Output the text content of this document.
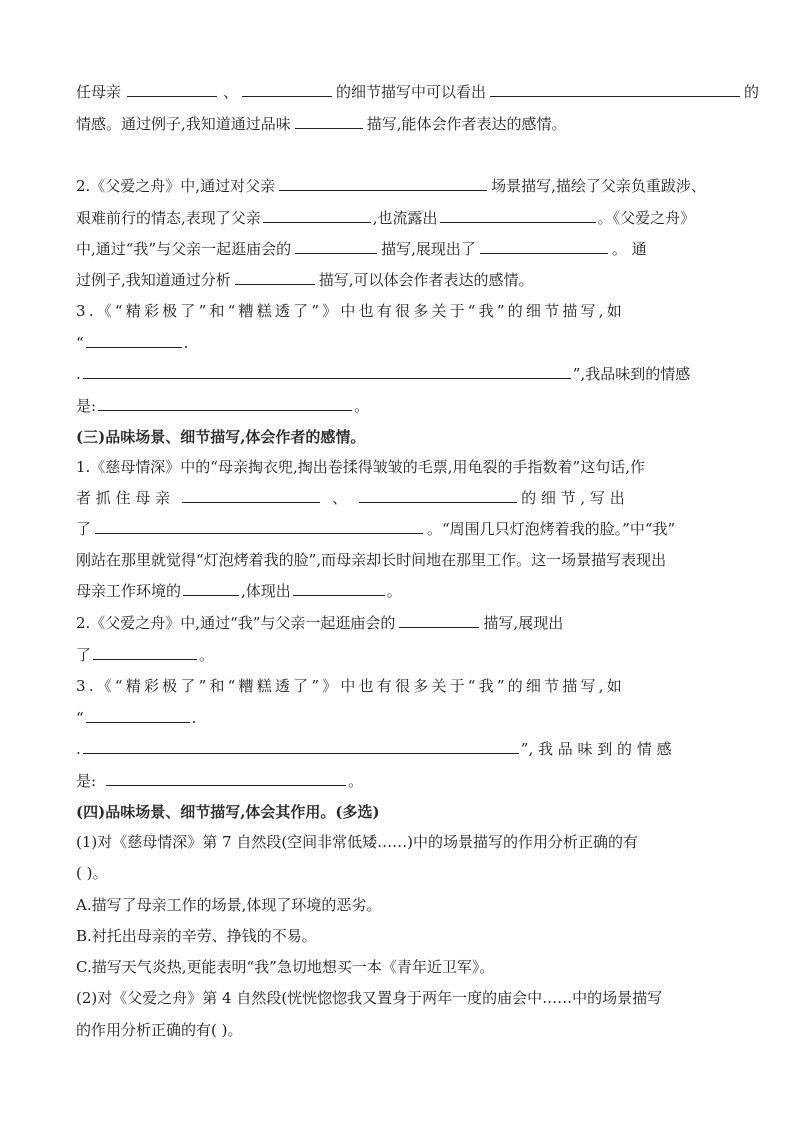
任母亲	、	的细节描写中可以看出	的
情感。通过例子,我知道通过品味	描写,能体会作者表达的感情。
2.《父爱之舟》中,通过对父亲	场景描写,描绘了父亲负重跋涉、
艰难前行的情态,表现了父亲	,也流露出	。《父爱之舟》
中,通过“我”与父亲一起逛庙会的	描写,展现出了	。 通
过例子,我知道通过分析	描写,可以体会作者表达的感情。
3.《“精彩极了”和“糟糕透了”》中也有很多关于“我”的细节描写,如
“	.
.	”,我品味到的情感
是:	。
(三)品味场景、细节描写,体会作者的感情。
1.《慈母情深》中的“母亲掏衣兜,掏出卷揉得皱皱的毛票,用龟裂的手指数着”这句话,作
者 抓 住 母 亲	、	的 细 节 , 写 出
了	。“周围几只灯泡烤着我的脸。”中“我”
刚站在那里就觉得“灯泡烤着我的脸”,而母亲却长时间地在那里工作。这一场景描写表现出
母亲工作环境的	,体现出	。
2.《父爱之舟》中,通过“我”与父亲一起逛庙会的	描写,展现出
了	。
3.《“精彩极了”和“糟糕透了”》中也有很多关于“我”的细节描写,如
“	.
.	”, 我 品 味 到 的 情 感
是:	。
(四)品味场景、细节描写,体会其作用。(多选)
(1)对《慈母情深》第 7 自然段(空间非常低矮……)中的场景描写的作用分析正确的有
( )。
A.描写了母亲工作的场景,体现了环境的恶劣。
B.衬托出母亲的辛劳、挣钱的不易。
C.描写天气炎热,更能表明“我”急切地想买一本《青年近卫军》。
(2)对《父爱之舟》第 4 自然段(恍恍惚惚我又置身于两年一度的庙会中……中的场景描写
的作用分析正确的有( )。
